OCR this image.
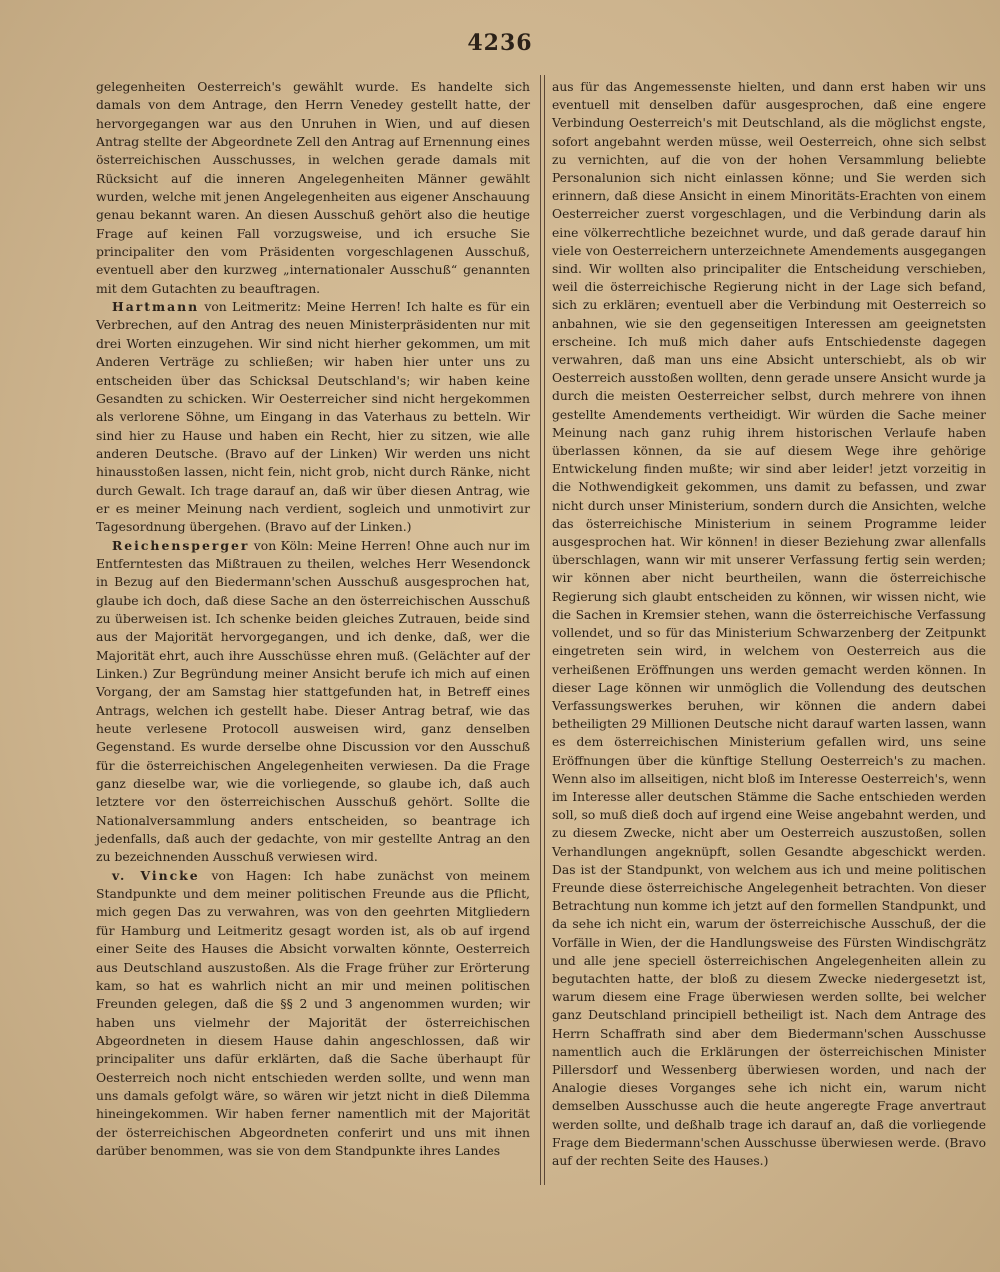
4236

gelegenheiten Oesterreich's gewählt wurde. Es handelte sich damals von dem Antrage, den Herrn Venedey gestellt hatte, der hervorgegangen war aus den Unruhen in Wien, und auf diesen Antrag stellte der Abgeordnete Zell den Antrag auf Ernennung eines österreichischen Ausschusses, in welchen gerade damals mit Rücksicht auf die inneren Angelegenheiten Männer gewählt wurden, welche mit jenen Angelegenheiten aus eigener Anschauung genau bekannt waren. An diesen Ausschuß gehört also die heutige Frage auf keinen Fall vorzugsweise, und ich ersuche Sie principaliter den vom Präsidenten vorgeschlagenen Ausschuß, eventuell aber den kurzweg „internationaler Ausschuß“ genannten mit dem Gutachten zu beauftragen.

Hartmann von Leitmeritz: Meine Herren! Ich halte es für ein Verbrechen, auf den Antrag des neuen Ministerpräsidenten nur mit drei Worten einzugehen. Wir sind nicht hierher gekommen, um mit Anderen Verträge zu schließen; wir haben hier unter uns zu entscheiden über das Schicksal Deutschland's; wir haben keine Gesandten zu schicken. Wir Oesterreicher sind nicht hergekommen als verlorene Söhne, um Eingang in das Vaterhaus zu betteln. Wir sind hier zu Hause und haben ein Recht, hier zu sitzen, wie alle anderen Deutsche. (Bravo auf der Linken) Wir werden uns nicht hinausstoßen lassen, nicht fein, nicht grob, nicht durch Ränke, nicht durch Gewalt. Ich trage darauf an, daß wir über diesen Antrag, wie er es meiner Meinung nach verdient, sogleich und unmotivirt zur Tagesordnung übergehen. (Bravo auf der Linken.)

Reichensperger von Köln: Meine Herren! Ohne auch nur im Entferntesten das Mißtrauen zu theilen, welches Herr Wesendonck in Bezug auf den Biedermann'schen Ausschuß ausgesprochen hat, glaube ich doch, daß diese Sache an den österreichischen Ausschuß zu überweisen ist. Ich schenke beiden gleiches Zutrauen, beide sind aus der Majorität hervorgegangen, und ich denke, daß, wer die Majorität ehrt, auch ihre Ausschüsse ehren muß. (Gelächter auf der Linken.) Zur Begründung meiner Ansicht berufe ich mich auf einen Vorgang, der am Samstag hier stattgefunden hat, in Betreff eines Antrags, welchen ich gestellt habe. Dieser Antrag betraf, wie das heute verlesene Protocoll ausweisen wird, ganz denselben Gegenstand. Es wurde derselbe ohne Discussion vor den Ausschuß für die österreichischen Angelegenheiten verwiesen. Da die Frage ganz dieselbe war, wie die vorliegende, so glaube ich, daß auch letztere vor den österreichischen Ausschuß gehört. Sollte die Nationalversammlung anders entscheiden, so beantrage ich jedenfalls, daß auch der gedachte, von mir gestellte Antrag an den zu bezeichnenden Ausschuß verwiesen wird.

v. Vincke von Hagen: Ich habe zunächst von meinem Standpunkte und dem meiner politischen Freunde aus die Pflicht, mich gegen Das zu verwahren, was von den geehrten Mitgliedern für Hamburg und Leitmeritz gesagt worden ist, als ob auf irgend einer Seite des Hauses die Absicht vorwalten könnte, Oesterreich aus Deutschland auszustoßen. Als die Frage früher zur Erörterung kam, so hat es wahrlich nicht an mir und meinen politischen Freunden gelegen, daß die §§ 2 und 3 angenommen wurden; wir haben uns vielmehr der Majorität der österreichischen Abgeordneten in diesem Hause dahin angeschlossen, daß wir principaliter uns dafür erklärten, daß die Sache überhaupt für Oesterreich noch nicht entschieden werden sollte, und wenn man uns damals gefolgt wäre, so wären wir jetzt nicht in dieß Dilemma hineingekommen. Wir haben ferner namentlich mit der Majorität der österreichischen Abgeordneten conferirt und uns mit ihnen darüber benommen, was sie von dem Standpunkte ihres Landes

aus für das Angemessenste hielten, und dann erst haben wir uns eventuell mit denselben dafür ausgesprochen, daß eine engere Verbindung Oesterreich's mit Deutschland, als die möglichst engste, sofort angebahnt werden müsse, weil Oesterreich, ohne sich selbst zu vernichten, auf die von der hohen Versammlung beliebte Personalunion sich nicht einlassen könne; und Sie werden sich erinnern, daß diese Ansicht in einem Minoritäts-Erachten von einem Oesterreicher zuerst vorgeschlagen, und die Verbindung darin als eine völkerrechtliche bezeichnet wurde, und daß gerade darauf hin viele von Oesterreichern unterzeichnete Amendements ausgegangen sind. Wir wollten also principaliter die Entscheidung verschieben, weil die österreichische Regierung nicht in der Lage sich befand, sich zu erklären; eventuell aber die Verbindung mit Oesterreich so anbahnen, wie sie den gegenseitigen Interessen am geeignetsten erscheine. Ich muß mich daher aufs Entschiedenste dagegen verwahren, daß man uns eine Absicht unterschiebt, als ob wir Oesterreich ausstoßen wollten, denn gerade unsere Ansicht wurde ja durch die meisten Oesterreicher selbst, durch mehrere von ihnen gestellte Amendements vertheidigt. Wir würden die Sache meiner Meinung nach ganz ruhig ihrem historischen Verlaufe haben überlassen können, da sie auf diesem Wege ihre gehörige Entwickelung finden mußte; wir sind aber leider! jetzt vorzeitig in die Nothwendigkeit gekommen, uns damit zu befassen, und zwar nicht durch unser Ministerium, sondern durch die Ansichten, welche das österreichische Ministerium in seinem Programme leider ausgesprochen hat. Wir können! in dieser Beziehung zwar allenfalls überschlagen, wann wir mit unserer Verfassung fertig sein werden; wir können aber nicht beurtheilen, wann die österreichische Regierung sich glaubt entscheiden zu können, wir wissen nicht, wie die Sachen in Kremsier stehen, wann die österreichische Verfassung vollendet, und so für das Ministerium Schwarzenberg der Zeitpunkt eingetreten sein wird, in welchem von Oesterreich aus die verheißenen Eröffnungen uns werden gemacht werden können. In dieser Lage können wir unmöglich die Vollendung des deutschen Verfassungswerkes beruhen, wir können die andern dabei betheiligten 29 Millionen Deutsche nicht darauf warten lassen, wann es dem österreichischen Ministerium gefallen wird, uns seine Eröffnungen über die künftige Stellung Oesterreich's zu machen. Wenn also im allseitigen, nicht bloß im Interesse Oesterreich's, wenn im Interesse aller deutschen Stämme die Sache entschieden werden soll, so muß dieß doch auf irgend eine Weise angebahnt werden, und zu diesem Zwecke, nicht aber um Oesterreich auszustoßen, sollen Verhandlungen angeknüpft, sollen Gesandte abgeschickt werden. Das ist der Standpunkt, von welchem aus ich und meine politischen Freunde diese österreichische Angelegenheit betrachten. Von dieser Betrachtung nun komme ich jetzt auf den formellen Standpunkt, und da sehe ich nicht ein, warum der österreichische Ausschuß, der die Vorfälle in Wien, der die Handlungsweise des Fürsten Windischgrätz und alle jene speciell österreichischen Angelegenheiten allein zu begutachten hatte, der bloß zu diesem Zwecke niedergesetzt ist, warum diesem eine Frage überwiesen werden sollte, bei welcher ganz Deutschland principiell betheiligt ist. Nach dem Antrage des Herrn Schaffrath sind aber dem Biedermann'schen Ausschusse namentlich auch die Erklärungen der österreichischen Minister Pillersdorf und Wessenberg überwiesen worden, und nach der Analogie dieses Vorganges sehe ich nicht ein, warum nicht demselben Ausschusse auch die heute angeregte Frage anvertraut werden sollte, und deßhalb trage ich darauf an, daß die vorliegende Frage dem Biedermann'schen Ausschusse überwiesen werde. (Bravo auf der rechten Seite des Hauses.)
